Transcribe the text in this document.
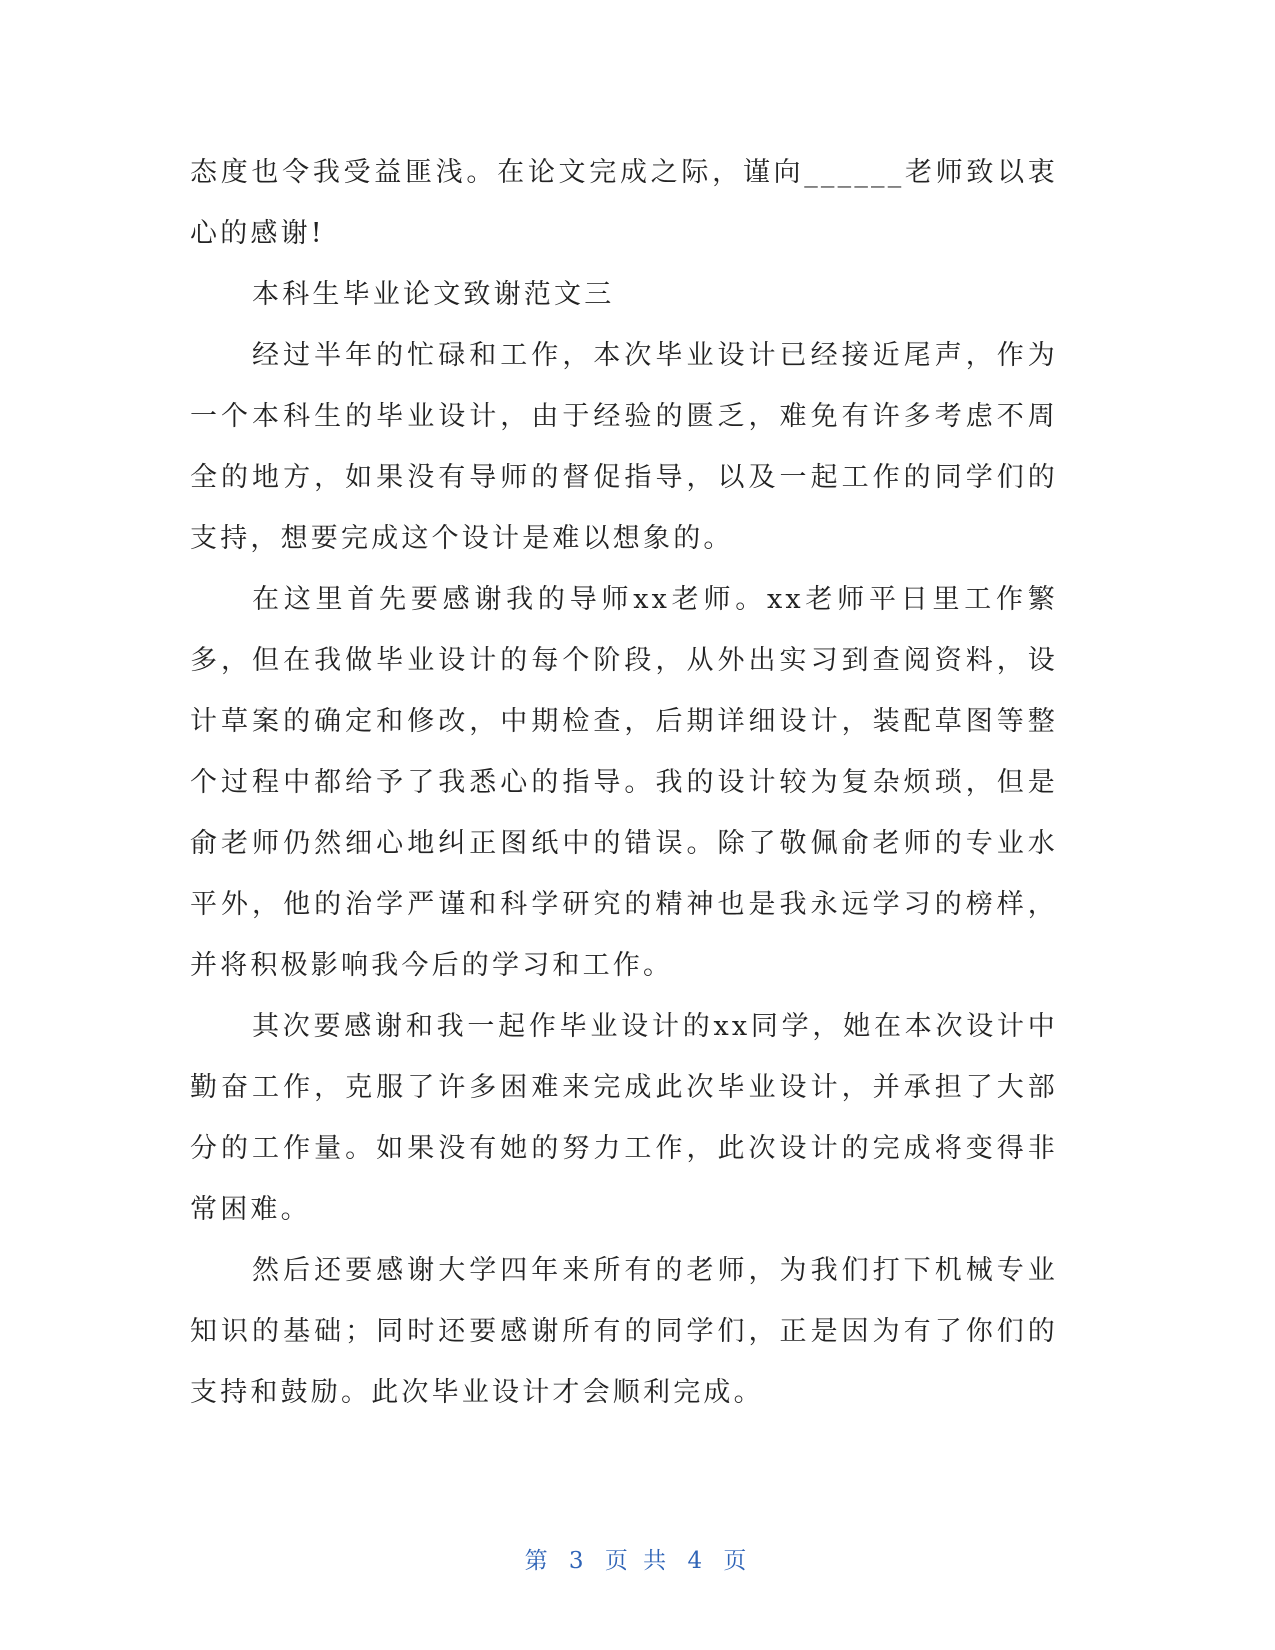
态度也令我受益匪浅。在论文完成之际，谨向______老师致以衷心的感谢!

本科生毕业论文致谢范文三

经过半年的忙碌和工作，本次毕业设计已经接近尾声，作为一个本科生的毕业设计，由于经验的匮乏，难免有许多考虑不周全的地方，如果没有导师的督促指导，以及一起工作的同学们的支持，想要完成这个设计是难以想象的。

在这里首先要感谢我的导师xx老师。xx老师平日里工作繁多，但在我做毕业设计的每个阶段，从外出实习到查阅资料，设计草案的确定和修改，中期检查，后期详细设计，装配草图等整个过程中都给予了我悉心的指导。我的设计较为复杂烦琐，但是俞老师仍然细心地纠正图纸中的错误。除了敬佩俞老师的专业水平外，他的治学严谨和科学研究的精神也是我永远学习的榜样，并将积极影响我今后的学习和工作。

其次要感谢和我一起作毕业设计的xx同学，她在本次设计中勤奋工作，克服了许多困难来完成此次毕业设计，并承担了大部分的工作量。如果没有她的努力工作，此次设计的完成将变得非常困难。

然后还要感谢大学四年来所有的老师，为我们打下机械专业知识的基础；同时还要感谢所有的同学们，正是因为有了你们的支持和鼓励。此次毕业设计才会顺利完成。

第 3 页 共 4 页
